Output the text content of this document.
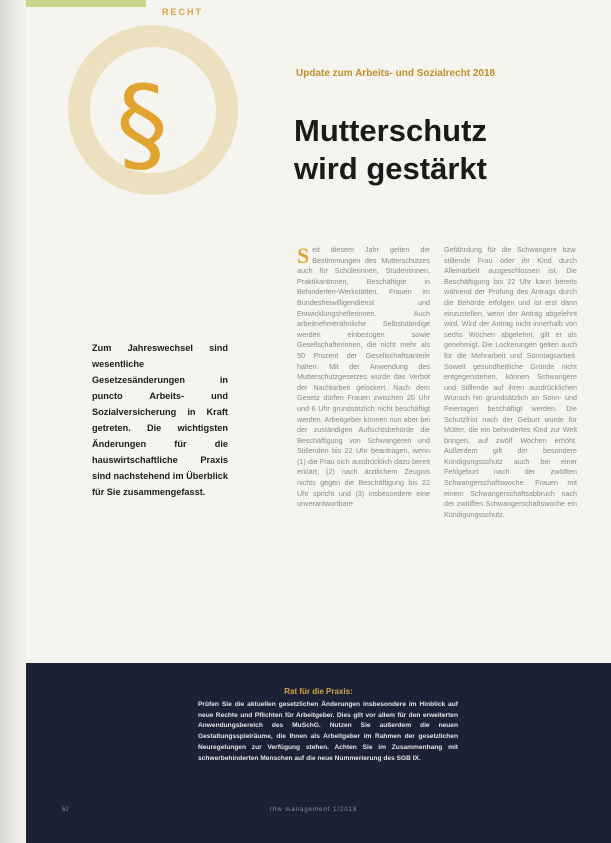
RECHT
§	Update zum Arbeits- und Sozialrecht 2018
Mutterschutz
wird gestärkt

Zum Jahreswechsel sind wesentliche Gesetzesänderungen in puncto Arbeits- und Sozialversicherung in Kraft getreten. Die wichtigsten Änderungen für die hauswirtschaftliche Praxis sind nachstehend im Überblick für Sie zusammengefasst.

Seit diesem Jahr gelten die Bestimmungen des Mutterschutzes auch für Schülerinnen, Studentinnen, Praktikantinnen, Beschäftigte in Behinderten-Werkstätten, Frauen im Bundesfreiwilligendienst und Entwicklungshelferinnen. Auch arbeitnehmerähnliche Selbstständige werden einbezogen sowie Gesellschafterinnen, die nicht mehr als 50 Prozent der Gesellschaftsanteile halten. Mit der Anwendung des Mutterschutzgesetzes wurde das Verbot der Nachtarbeit gelockert. Nach dem Gesetz dürfen Frauen zwischen 20 Uhr und 6 Uhr grundsätzlich nicht beschäftigt werden. Arbeitgeber können nun aber bei der zuständigen Aufsichtsbehörde die Beschäftigung von Schwangeren und Stillenden bis 22 Uhr beantragen, wenn (1) die Frau sich ausdrücklich dazu bereit erklärt, (2) nach ärztlichem Zeugnis nichts gegen die Beschäftigung bis 22 Uhr spricht und (3) insbesondere eine unverantwortbare

Gefährdung für die Schwangere bzw. stillende Frau oder ihr Kind durch Alleinarbeit ausgeschlossen ist. Die Beschäftigung bis 22 Uhr kann bereits während der Prüfung des Antrags durch die Behörde erfolgen und ist erst dann einzustellen, wenn der Antrag abgelehnt wird. Wird der Antrag nicht innerhalb von sechs Wochen abgelehnt, gilt er als genehmigt. Die Lockerungen gelten auch für die Mehrarbeit und Sonntagsarbeit. Soweit gesundheitliche Gründe nicht entgegenstehen, können Schwangere und Stillende auf ihren ausdrücklichen Wunsch hin grundsätzlich an Sonn- und Feiertagen beschäftigt werden. Die Schutzfrist nach der Geburt wurde für Mütter, die ein behindertes Kind zur Welt bringen, auf zwölf Wochen erhöht. Außerdem gilt der besondere Kündigungsschutz auch bei einer Fehlgeburt nach der zwölften Schwangerschaftswoche. Frauen mit einem Schwangerschaftsabbruch nach der zwölften Schwangerschaftswoche ein Kündigungsschutz.

Rat für die Praxis:

Prüfen Sie die aktuellen gesetzlichen Änderungen insbesondere im Hinblick auf neue Rechte und Pflichten für Arbeitgeber. Dies gilt vor allem für den erweiterten Anwendungsbereich des MuSchG. Nutzen Sie außerdem die neuen Gestaltungsspielräume, die Ihnen als Arbeitgeber im Rahmen der gesetzlichen Neuregelungen zur Verfügung stehen. Achten Sie im Zusammenhang mit schwerbehinderten Menschen auf die neue Nummerierung des SGB IX.

52	rhw management 1/2018
